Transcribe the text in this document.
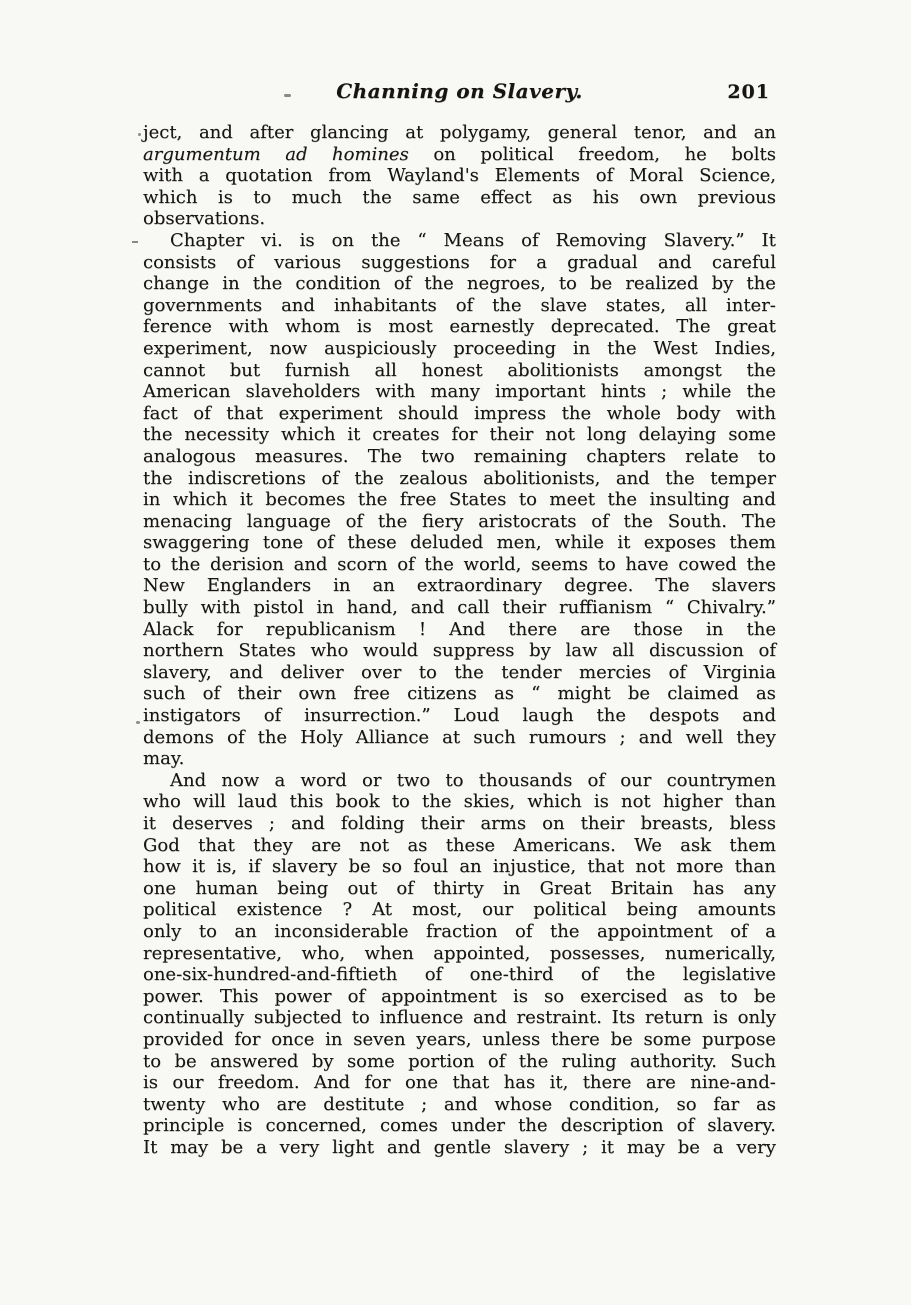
Channing on Slavery.	201
ject, and after glancing at polygamy, general tenor, and an
argumentum ad homines on political freedom, he bolts
with a quotation from Wayland's Elements of Moral Science,
which is to much the same effect as his own previous
observations.
Chapter vi. is on the “ Means of Removing Slavery.” It
consists of various suggestions for a gradual and careful
change in the condition of the negroes, to be realized by the
governments and inhabitants of the slave states, all inter-
ference with whom is most earnestly deprecated. The great
experiment, now auspiciously proceeding in the West Indies,
cannot but furnish all honest abolitionists amongst the
American slaveholders with many important hints ; while the
fact of that experiment should impress the whole body with
the necessity which it creates for their not long delaying some
analogous measures. The two remaining chapters relate to
the indiscretions of the zealous abolitionists, and the temper
in which it becomes the free States to meet the insulting and
menacing language of the fiery aristocrats of the South. The
swaggering tone of these deluded men, while it exposes them
to the derision and scorn of the world, seems to have cowed the
New Englanders in an extraordinary degree. The slavers
bully with pistol in hand, and call their ruffianism “ Chivalry.”
Alack for republicanism ! And there are those in the
northern States who would suppress by law all discussion of
slavery, and deliver over to the tender mercies of Virginia
such of their own free citizens as “ might be claimed as
instigators of insurrection.” Loud laugh the despots and
demons of the Holy Alliance at such rumours ; and well they
may.
And now a word or two to thousands of our countrymen
who will laud this book to the skies, which is not higher than
it deserves ; and folding their arms on their breasts, bless
God that they are not as these Americans. We ask them
how it is, if slavery be so foul an injustice, that not more than
one human being out of thirty in Great Britain has any
political existence ? At most, our political being amounts
only to an inconsiderable fraction of the appointment of a
representative, who, when appointed, possesses, numerically,
one-six-hundred-and-fiftieth of one-third of the legislative
power. This power of appointment is so exercised as to be
continually subjected to influence and restraint. Its return is only
provided for once in seven years, unless there be some purpose
to be answered by some portion of the ruling authority. Such
is our freedom. And for one that has it, there are nine-and-
twenty who are destitute ; and whose condition, so far as
principle is concerned, comes under the description of slavery.
It may be a very light and gentle slavery ; it may be a very
